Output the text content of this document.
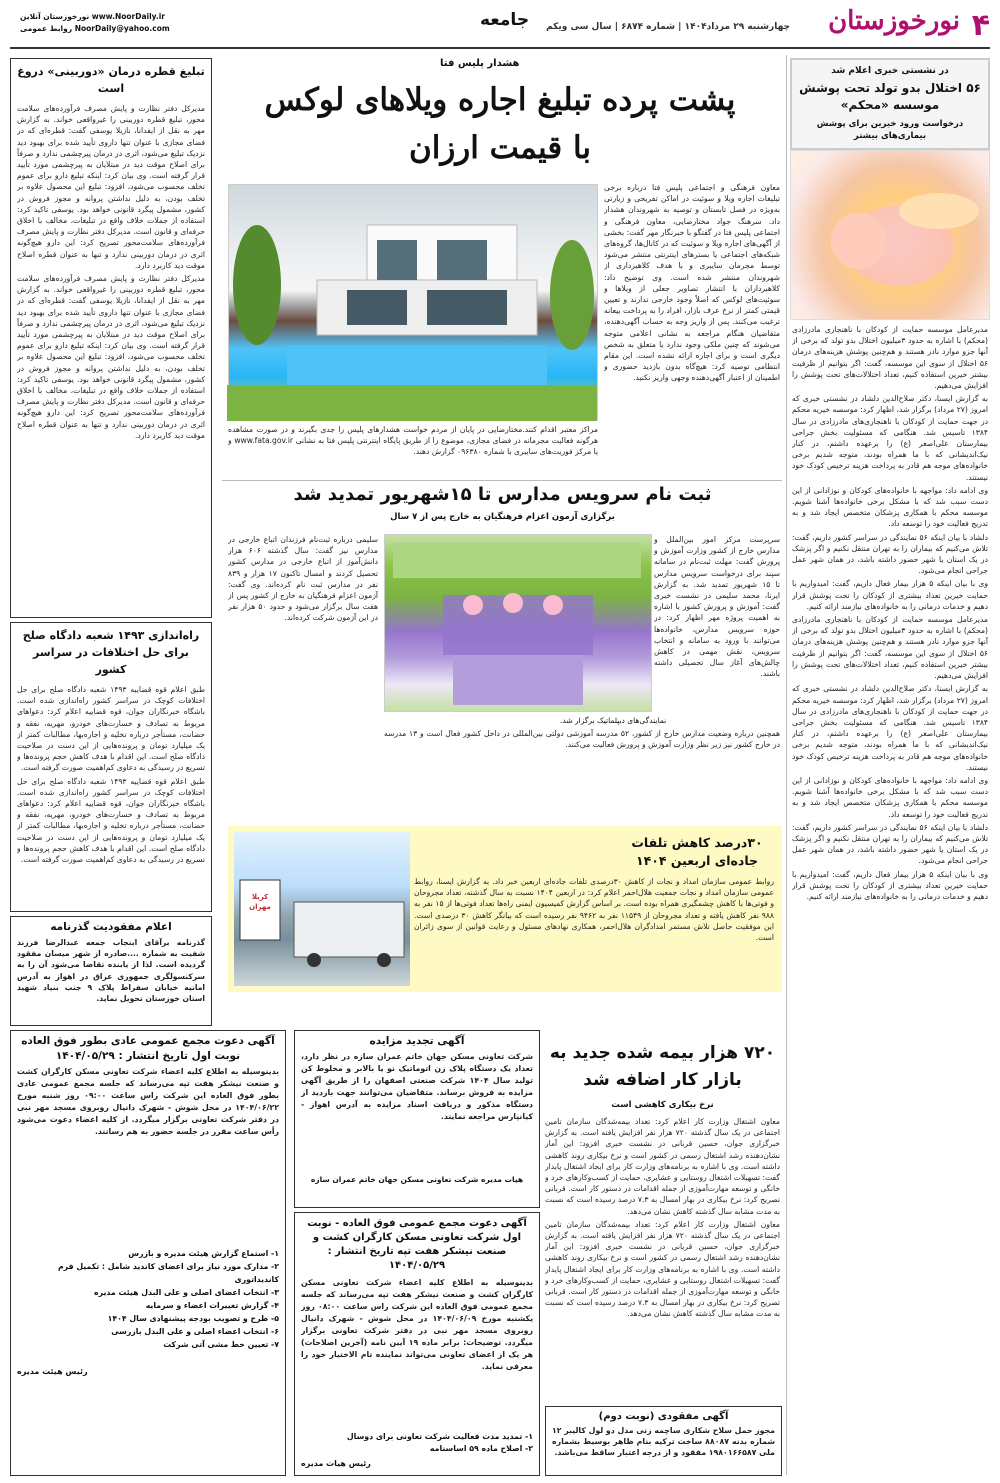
۴
نورخوزستان
چهارشنبه ۲۹ مرداد۱۴۰۴ | شماره ۶۸۷۴ | سال سی ویکم
جامعه
www.NoorDaily.ir نورخوزستان آنلاین
NoorDaily@yahoo.com روابط عمومی
در نشستی خبری اعلام شد
۵۶ اختلال بدو تولد تحت پوشش موسسه «محکم»
درخواست ورود خیرین برای پوشش بیماری‌های بیشتر

مدیرعامل موسسه حمایت از کودکان با ناهنجاری مادرزادی (محکم) با اشاره به حدود ۳میلیون اختلال بدو تولد که برخی از آنها جزو موارد نادر هستند و هم‌چنین پوشش هزینه‌های درمان ۵۶ اختلال از سوی این موسسه، گفت: اگر بتوانیم از ظرفیت بیشتر خیرین استفاده کنیم، تعداد اختلالات‌های تحت پوشش را افزایش می‌دهیم.

به گزارش ایسنا، دکتر صلاح‌الدین دلشاد در نشستی خبری که امروز (۲۷ مرداد) برگزار شد، اظهار کرد: موسسه خیریه محکم در جهت حمایت از کودکان با ناهنجاری‌های مادرزادی در سال ۱۳۸۴ تاسیس شد. هنگامی که مسئولیت بخش جراحی بیمارستان علی‌اصغر (ع) را برعهده داشتم، در کنار نیک‌اندیشانی که با ما همراه بودند، متوجه شدیم برخی خانواده‌های موجه هم قادر به پرداخت هزینه ترخیص کودک خود نیستند.

وی ادامه داد: مواجهه با خانواده‌های کودکان و نوزادانی از این دست سبب شد که با مشکل برخی خانواده‌ها آشنا شویم. موسسه محکم با همکاری پزشکان متخصص ایجاد شد و به تدریج فعالیت خود را توسعه داد.

دلشاد با بیان اینکه ۵۶ نمایندگی در سراسر کشور داریم، گفت: تلاش می‌کنیم که بیماران را به تهران منتقل نکنیم و اگر پزشک در یک استان یا شهر حضور داشته باشد، در همان شهر عمل جراحی انجام می‌شود.

وی با بیان اینکه ۵ هزار بیمار فعال داریم، گفت: امیدواریم با حمایت خیرین تعداد بیشتری از کودکان را تحت پوشش قرار دهیم و خدمات درمانی را به خانواده‌های نیازمند ارائه کنیم.

مدیرعامل موسسه حمایت از کودکان با ناهنجاری مادرزادی (محکم) با اشاره به حدود ۳میلیون اختلال بدو تولد که برخی از آنها جزو موارد نادر هستند و هم‌چنین پوشش هزینه‌های درمان ۵۶ اختلال از سوی این موسسه، گفت: اگر بتوانیم از ظرفیت بیشتر خیرین استفاده کنیم، تعداد اختلالات‌های تحت پوشش را افزایش می‌دهیم.

به گزارش ایسنا، دکتر صلاح‌الدین دلشاد در نشستی خبری که امروز (۲۷ مرداد) برگزار شد، اظهار کرد: موسسه خیریه محکم در جهت حمایت از کودکان با ناهنجاری‌های مادرزادی در سال ۱۳۸۴ تاسیس شد. هنگامی که مسئولیت بخش جراحی بیمارستان علی‌اصغر (ع) را برعهده داشتم، در کنار نیک‌اندیشانی که با ما همراه بودند، متوجه شدیم برخی خانواده‌های موجه هم قادر به پرداخت هزینه ترخیص کودک خود نیستند.

وی ادامه داد: مواجهه با خانواده‌های کودکان و نوزادانی از این دست سبب شد که با مشکل برخی خانواده‌ها آشنا شویم. موسسه محکم با همکاری پزشکان متخصص ایجاد شد و به تدریج فعالیت خود را توسعه داد.

دلشاد با بیان اینکه ۵۶ نمایندگی در سراسر کشور داریم، گفت: تلاش می‌کنیم که بیماران را به تهران منتقل نکنیم و اگر پزشک در یک استان یا شهر حضور داشته باشد، در همان شهر عمل جراحی انجام می‌شود.

وی با بیان اینکه ۵ هزار بیمار فعال داریم، گفت: امیدواریم با حمایت خیرین تعداد بیشتری از کودکان را تحت پوشش قرار دهیم و خدمات درمانی را به خانواده‌های نیازمند ارائه کنیم.

تبلیغ قطره درمان «دوربینی» دروغ است

مدیرکل دفتر نظارت و پایش مصرف فرآورده‌های سلامت محور، تبلیغ قطره دوربینی را غیرواقعی خواند. به گزارش مهر به نقل از ایفدانا، نازیلا یوسفی گفت: قطره‌ای که در فضای مجازی با عنوان تنها داروی تأیید شده برای بهبود دید نزدیک تبلیغ می‌شود، اثری در درمان پیرچشمی ندارد و صرفاً برای اصلاح موقت دید در مبتلایان به پیرچشمی مورد تأیید قرار گرفته است. وی بیان کرد: اینکه تبلیغ دارو برای عموم تخلف محسوب می‌شود، افزود: تبلیغ این محصول علاوه بر تخلف بودن، به دلیل نداشتن پروانه و مجوز فروش در کشور، مشمول پیگرد قانونی خواهد بود. یوسفی تاکید کرد: استفاده از جملات خلاف واقع در تبلیغات، مخالف با اخلاق حرفه‌ای و قانون است. مدیرکل دفتر نظارت و پایش مصرف فرآورده‌های سلامت‌محور تصریح کرد: این دارو هیچ‌گونه اثری در درمان دوربینی ندارد و تنها به عنوان قطره اصلاح موقت دید کاربرد دارد.

مدیرکل دفتر نظارت و پایش مصرف فرآورده‌های سلامت محور، تبلیغ قطره دوربینی را غیرواقعی خواند. به گزارش مهر به نقل از ایفدانا، نازیلا یوسفی گفت: قطره‌ای که در فضای مجازی با عنوان تنها داروی تأیید شده برای بهبود دید نزدیک تبلیغ می‌شود، اثری در درمان پیرچشمی ندارد و صرفاً برای اصلاح موقت دید در مبتلایان به پیرچشمی مورد تأیید قرار گرفته است. وی بیان کرد: اینکه تبلیغ دارو برای عموم تخلف محسوب می‌شود، افزود: تبلیغ این محصول علاوه بر تخلف بودن، به دلیل نداشتن پروانه و مجوز فروش در کشور، مشمول پیگرد قانونی خواهد بود. یوسفی تاکید کرد: استفاده از جملات خلاف واقع در تبلیغات، مخالف با اخلاق حرفه‌ای و قانون است. مدیرکل دفتر نظارت و پایش مصرف فرآورده‌های سلامت‌محور تصریح کرد: این دارو هیچ‌گونه اثری در درمان دوربینی ندارد و تنها به عنوان قطره اصلاح موقت دید کاربرد دارد.

راه‌اندازی ۱۴۹۳ شعبه دادگاه صلح برای حل اختلافات در سراسر کشور

طبق اعلام قوه قضاییه ۱۴۹۳ شعبه دادگاه صلح برای حل اختلافات کوچک در سراسر کشور راه‌اندازی شده است. باشگاه خبرنگاران جوان، قوه قضاییه اعلام کرد: دعواهای مربوط به تصادف و خسارت‌های خودرو، مهریه، نفقه و حضانت، مستأجر درباره تخلیه و اجاره‌بها، مطالبات کمتر از یک میلیارد تومان و پرونده‌هایی از این دست در صلاحیت دادگاه صلح است. این اقدام با هدف کاهش حجم پرونده‌ها و تسریع در رسیدگی به دعاوی کم‌اهمیت صورت گرفته است.

طبق اعلام قوه قضاییه ۱۴۹۳ شعبه دادگاه صلح برای حل اختلافات کوچک در سراسر کشور راه‌اندازی شده است. باشگاه خبرنگاران جوان، قوه قضاییه اعلام کرد: دعواهای مربوط به تصادف و خسارت‌های خودرو، مهریه، نفقه و حضانت، مستأجر درباره تخلیه و اجاره‌بها، مطالبات کمتر از یک میلیارد تومان و پرونده‌هایی از این دست در صلاحیت دادگاه صلح است. این اقدام با هدف کاهش حجم پرونده‌ها و تسریع در رسیدگی به دعاوی کم‌اهمیت صورت گرفته است.

اعلام مفقودیت گذرنامه
گذرنامه برآقای ابنجاب جمعه عبدالرضا فرزند شفیت به شماره ....صادره از شهر میسان مفقود گردیده است. لذا از یابنده تقاضا می‌شود آن را به سرکنسولگری جمهوری عراق در اهواز به آدرس امانیه خیابان سفراط پلاک ۹ جنب بنیاد شهید استان خوزستان تحویل نماید.
هشدار پلیس فتا
پشت پرده تبلیغ اجاره ویلاهای لوکس
با قیمت ارزان

معاون فرهنگی و اجتماعی پلیس فتا درباره برخی تبلیغات اجاره ویلا و سوئیت در اماکن تفریحی و زیارتی به‌ویژه در فصل تابستان و توصیه به شهروندان هشدار داد. سرهنگ جواد مختارضایی، معاون فرهنگی و اجتماعی پلیس فتا در گفتگو با خبرنگار مهر گفت: بخشی از آگهی‌های اجاره ویلا و سوئیت که در کانال‌ها، گروه‌های شبکه‌های اجتماعی یا بسترهای اینترنتی منتشر می‌شود توسط مجرمان سایبری و با هدف کلاهبرداری از شهروندان منتشر شده است. وی توضیح داد: کلاهبرداران با انتشار تصاویر جعلی از ویلاها و سوئیت‌های لوکس که اصلاً وجود خارجی ندارند و تعیین قیمتی کمتر از نرخ عرف بازار، افراد را به پرداخت بیعانه ترغیب می‌کنند. پس از واریز وجه به حساب آگهی‌دهنده، متقاضیان هنگام مراجعه به نشانی اعلامی متوجه می‌شوند که چنین ملکی وجود ندارد یا متعلق به شخص دیگری است و برای اجاره ارائه نشده است. این مقام انتظامی توصیه کرد: هیچ‌گاه بدون بازدید حضوری و اطمینان از اعتبار آگهی‌دهنده وجهی واریز نکنید.

مراکز معتبر اقدام کنند.مختارضایی در پایان از مردم خواست هشدارهای پلیس را جدی بگیرند و در صورت مشاهده هرگونه فعالیت مجرمانه در فضای مجازی، موضوع را از طریق پایگاه اینترنتی پلیس فتا به نشانی www.fata.gov.ir و یا مرکز فوریت‌های سایبری با شماره ۰۹۶۳۸۰ گزارش دهند.

ثبت نام سرویس مدارس تا ۱۵شهریور تمدید شد
برگزاری آزمون اعزام فرهنگیان به خارج پس از ۷ سال

سرپرست مرکز امور بین‌الملل و مدارس خارج از کشور وزارت آموزش و پرورش گفت: مهلت ثبت‌نام در سامانه سپند برای درخواست سرویس مدارس تا ۱۵ شهریور تمدید شد. به گزارش ایرنا، محمد سلیمی در نشست خبری گفت: آموزش و پرورش کشور با اشاره به اهمیت پروژه مهر اظهار کرد: در حوزه سرویس مدارس، خانواده‌ها می‌توانند با ورود به سامانه و انتخاب سرویس، نقش مهمی در کاهش چالش‌های آغاز سال تحصیلی داشته باشند.

نمایندگی‌های دیپلماتیک برگزار شد.

سلیمی درباره ثبت‌نام فرزندان اتباع خارجی در مدارس نیز گفت: سال گذشته ۶۰۶ هزار دانش‌آموز از اتباع خارجی در مدارس کشور تحصیل کردند و امسال تاکنون ۱۷ هزار و ۸۳۹ نفر در مدارس ثبت نام کرده‌اند. وی گفت: آزمون اعزام فرهنگیان به خارج از کشور پس از هفت سال برگزار می‌شود و حدود ۵۰ هزار نفر در این آزمون شرکت کرده‌اند.

همچنین درباره وضعیت مدارس خارج از کشور، ۵۲ مدرسه آموزشی دولتی بین‌المللی در داخل کشور فعال است و ۱۳ مدرسه در خارج کشور نیز زیر نظر وزارت آموزش و پرورش فعالیت می‌کنند.

۳۰درصد کاهش تلفات جاده‌ای اربعین ۱۴۰۴

روابط عمومی سازمان امداد و نجات از کاهش ۳۰درصدی تلفات جاده‌ای اربعین خبر داد. به گزارش ایسنا، روابط عمومی سازمان امداد و نجات جمعیت هلال‌احمر اعلام کرد: در اربعین ۱۴۰۴ نسبت به سال گذشته، تعداد مجروحان و فوتی‌ها با کاهش چشمگیری همراه بوده است. بر اساس گزارش کمیسیون ایمنی راه‌ها تعداد فوتی‌ها از ۱۵ نفر به ۹۸۸ نفر کاهش یافته و تعداد مجروحان از ۱۱۵۴۹ نفر به ۹۴۶۲ نفر رسیده است که بیانگر کاهش ۳۰ درصدی است. این موفقیت حاصل تلاش مستمر امدادگران هلال‌احمر، همکاری نهادهای مسئول و رعایت قوانین از سوی زائران است.

کربلا مهران
۷۲۰ هزار بیمه شده جدید به بازار کار اضافه شد
نرخ بیکاری کاهشی است

معاون اشتغال وزارت کار اعلام کرد: تعداد بیمه‌شدگان سازمان تامین اجتماعی در یک سال گذشته ۷۲۰ هزار نفر افزایش یافته است. به گزارش خبرگزاری جوان، حسین قربانی در نشست خبری افزود: این آمار نشان‌دهنده رشد اشتغال رسمی در کشور است و نرخ بیکاری روند کاهشی داشته است. وی با اشاره به برنامه‌های وزارت کار برای ایجاد اشتغال پایدار گفت: تسهیلات اشتغال روستایی و عشایری، حمایت از کسب‌وکارهای خرد و خانگی و توسعه مهارت‌آموزی از جمله اقدامات در دستور کار است. قربانی تصریح کرد: نرخ بیکاری در بهار امسال به ۷.۳ درصد رسیده است که نسبت به مدت مشابه سال گذشته کاهش نشان می‌دهد.

معاون اشتغال وزارت کار اعلام کرد: تعداد بیمه‌شدگان سازمان تامین اجتماعی در یک سال گذشته ۷۲۰ هزار نفر افزایش یافته است. به گزارش خبرگزاری جوان، حسین قربانی در نشست خبری افزود: این آمار نشان‌دهنده رشد اشتغال رسمی در کشور است و نرخ بیکاری روند کاهشی داشته است. وی با اشاره به برنامه‌های وزارت کار برای ایجاد اشتغال پایدار گفت: تسهیلات اشتغال روستایی و عشایری، حمایت از کسب‌وکارهای خرد و خانگی و توسعه مهارت‌آموزی از جمله اقدامات در دستور کار است. قربانی تصریح کرد: نرخ بیکاری در بهار امسال به ۷.۳ درصد رسیده است که نسبت به مدت مشابه سال گذشته کاهش نشان می‌دهد.

آگهی مفقودی (نوبت دوم)
مجوز حمل سلاح شکاری ساچمه زنی مدل دو لول کالیبر ۱۲ شماره بدنه ۸۸۰۸۷ ساخت ترکیه بنام ظاهر بوسیط بشماره ملی ۱۹۸۰۱۶۶۵۸۷ مفقود و از درجه اعتبار ساقط می‌باشد.
آگهی دعوت مجمع عمومی عادی بطور فوق العاده
نوبت اول تاریخ انتشار : ۱۴۰۴/۰۵/۲۹
بدینوسیله به اطلاع کلیه اعضاء شرکت تعاونی مسکن کارگران کشت و صنعت نیشکر هفت تپه می‌رساند که جلسه مجمع عمومی عادی بطور فوق العاده این شرکت راس ساعت ۰۹:۰۰ روز شنبه مورخ ۱۴۰۴/۰۶/۲۲ در محل شوش - شهرک دانیال روبروی مسجد مهر نبی در دفتر شرکت تعاونی برگزار میگردد. از کلیه اعضاء دعوت می‌شود رأس ساعت مقرر در جلسه حضور به هم رسانند.
۱- استماع گزارش هیئت مدیره و بازرس
۲- مدارک مورد نیاز برای اعضای کاندید شامل : تکمیل فرم کاندیداتوری
۳- انتخاب اعضای اصلی و علی البدل هیئت مدیره
۴- گزارش تغییرات اعضاء و سرمایه
۵- طرح و تصویب بودجه پیشنهادی سال ۱۴۰۴
۶- انتخاب اعضاء اصلی و علی البدل بازرسی
۷- تعیین خط مشی آتی شرکت
رئیس هیئت مدیره
آگهی تجدید مزایده
شرکت تعاونی مسکن جهان خاتم عمران سازه در نظر دارد، تعداد یک دستگاه پلاک زن اتوماتیک نو یا بالابر و مخلوط کن تولید سال ۱۴۰۴ شرکت صنعتی اصفهان را از طریق آگهی مزایده به فروش برساند. متقاضیان می‌توانند جهت بازدید از دستگاه مذکور و دریافت اسناد مزایده به آدرس اهواز - کیانپارس مراجعه نمایند.
هیات مدیره شرکت تعاونی مسکن جهان خاتم عمران سازه
آگهی دعوت مجمع عمومی فوق العاده - نوبت اول شرکت تعاونی مسکن کارگران کشت و صنعت نیشکر هفت تپه تاریخ انتشار : ۱۴۰۴/۰۵/۲۹
بدینوسیله به اطلاع کلیه اعضاء شرکت تعاونی مسکن کارگران کشت و صنعت نیشکر هفت تپه می‌رساند که جلسه مجمع عمومی فوق العاده این شرکت راس ساعت ۰۸:۰۰ روز یکشنبه مورخ ۱۴۰۴/۰۶/۰۹ در محل شوش - شهرک دانیال روبروی مسجد مهر نبی در دفتر شرکت تعاونی برگزار میگردد. توضیحات: برابر ماده ۱۹ آیین نامه (آخرین اصلاحات) هر یک از اعضای تعاونی می‌تواند نماینده تام الاختیار خود را معرفی نماید.
۱- تمدید مدت فعالیت شرکت تعاونی برای دوسال
۲- اصلاح ماده ۵۹ اساسنامه
رئیس هیات مدیره
